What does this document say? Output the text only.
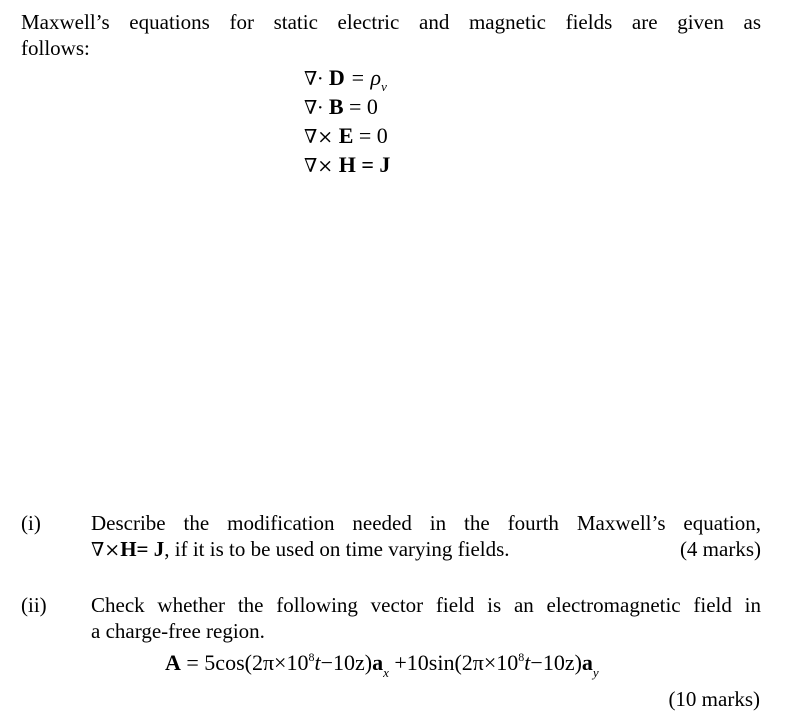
Maxwell’s equations for static electric and magnetic fields are given as
follows:
∇· $D = \rho_v$
∇· B = 0
∇× E = 0
∇× H = J
(i) Describe the modification needed in the fourth Maxwell’s equation,
∇×H= J, if it is to be used on time varying fields.	(4 marks)
(ii) Check whether the following vector field is an electromagnetic field in
a charge-free region.
$A = 5\cos(2\pi\times 10^8t-10z)a_x +10\sin(2\pi\times 10^8t-10z)a_y$
(10 marks)
